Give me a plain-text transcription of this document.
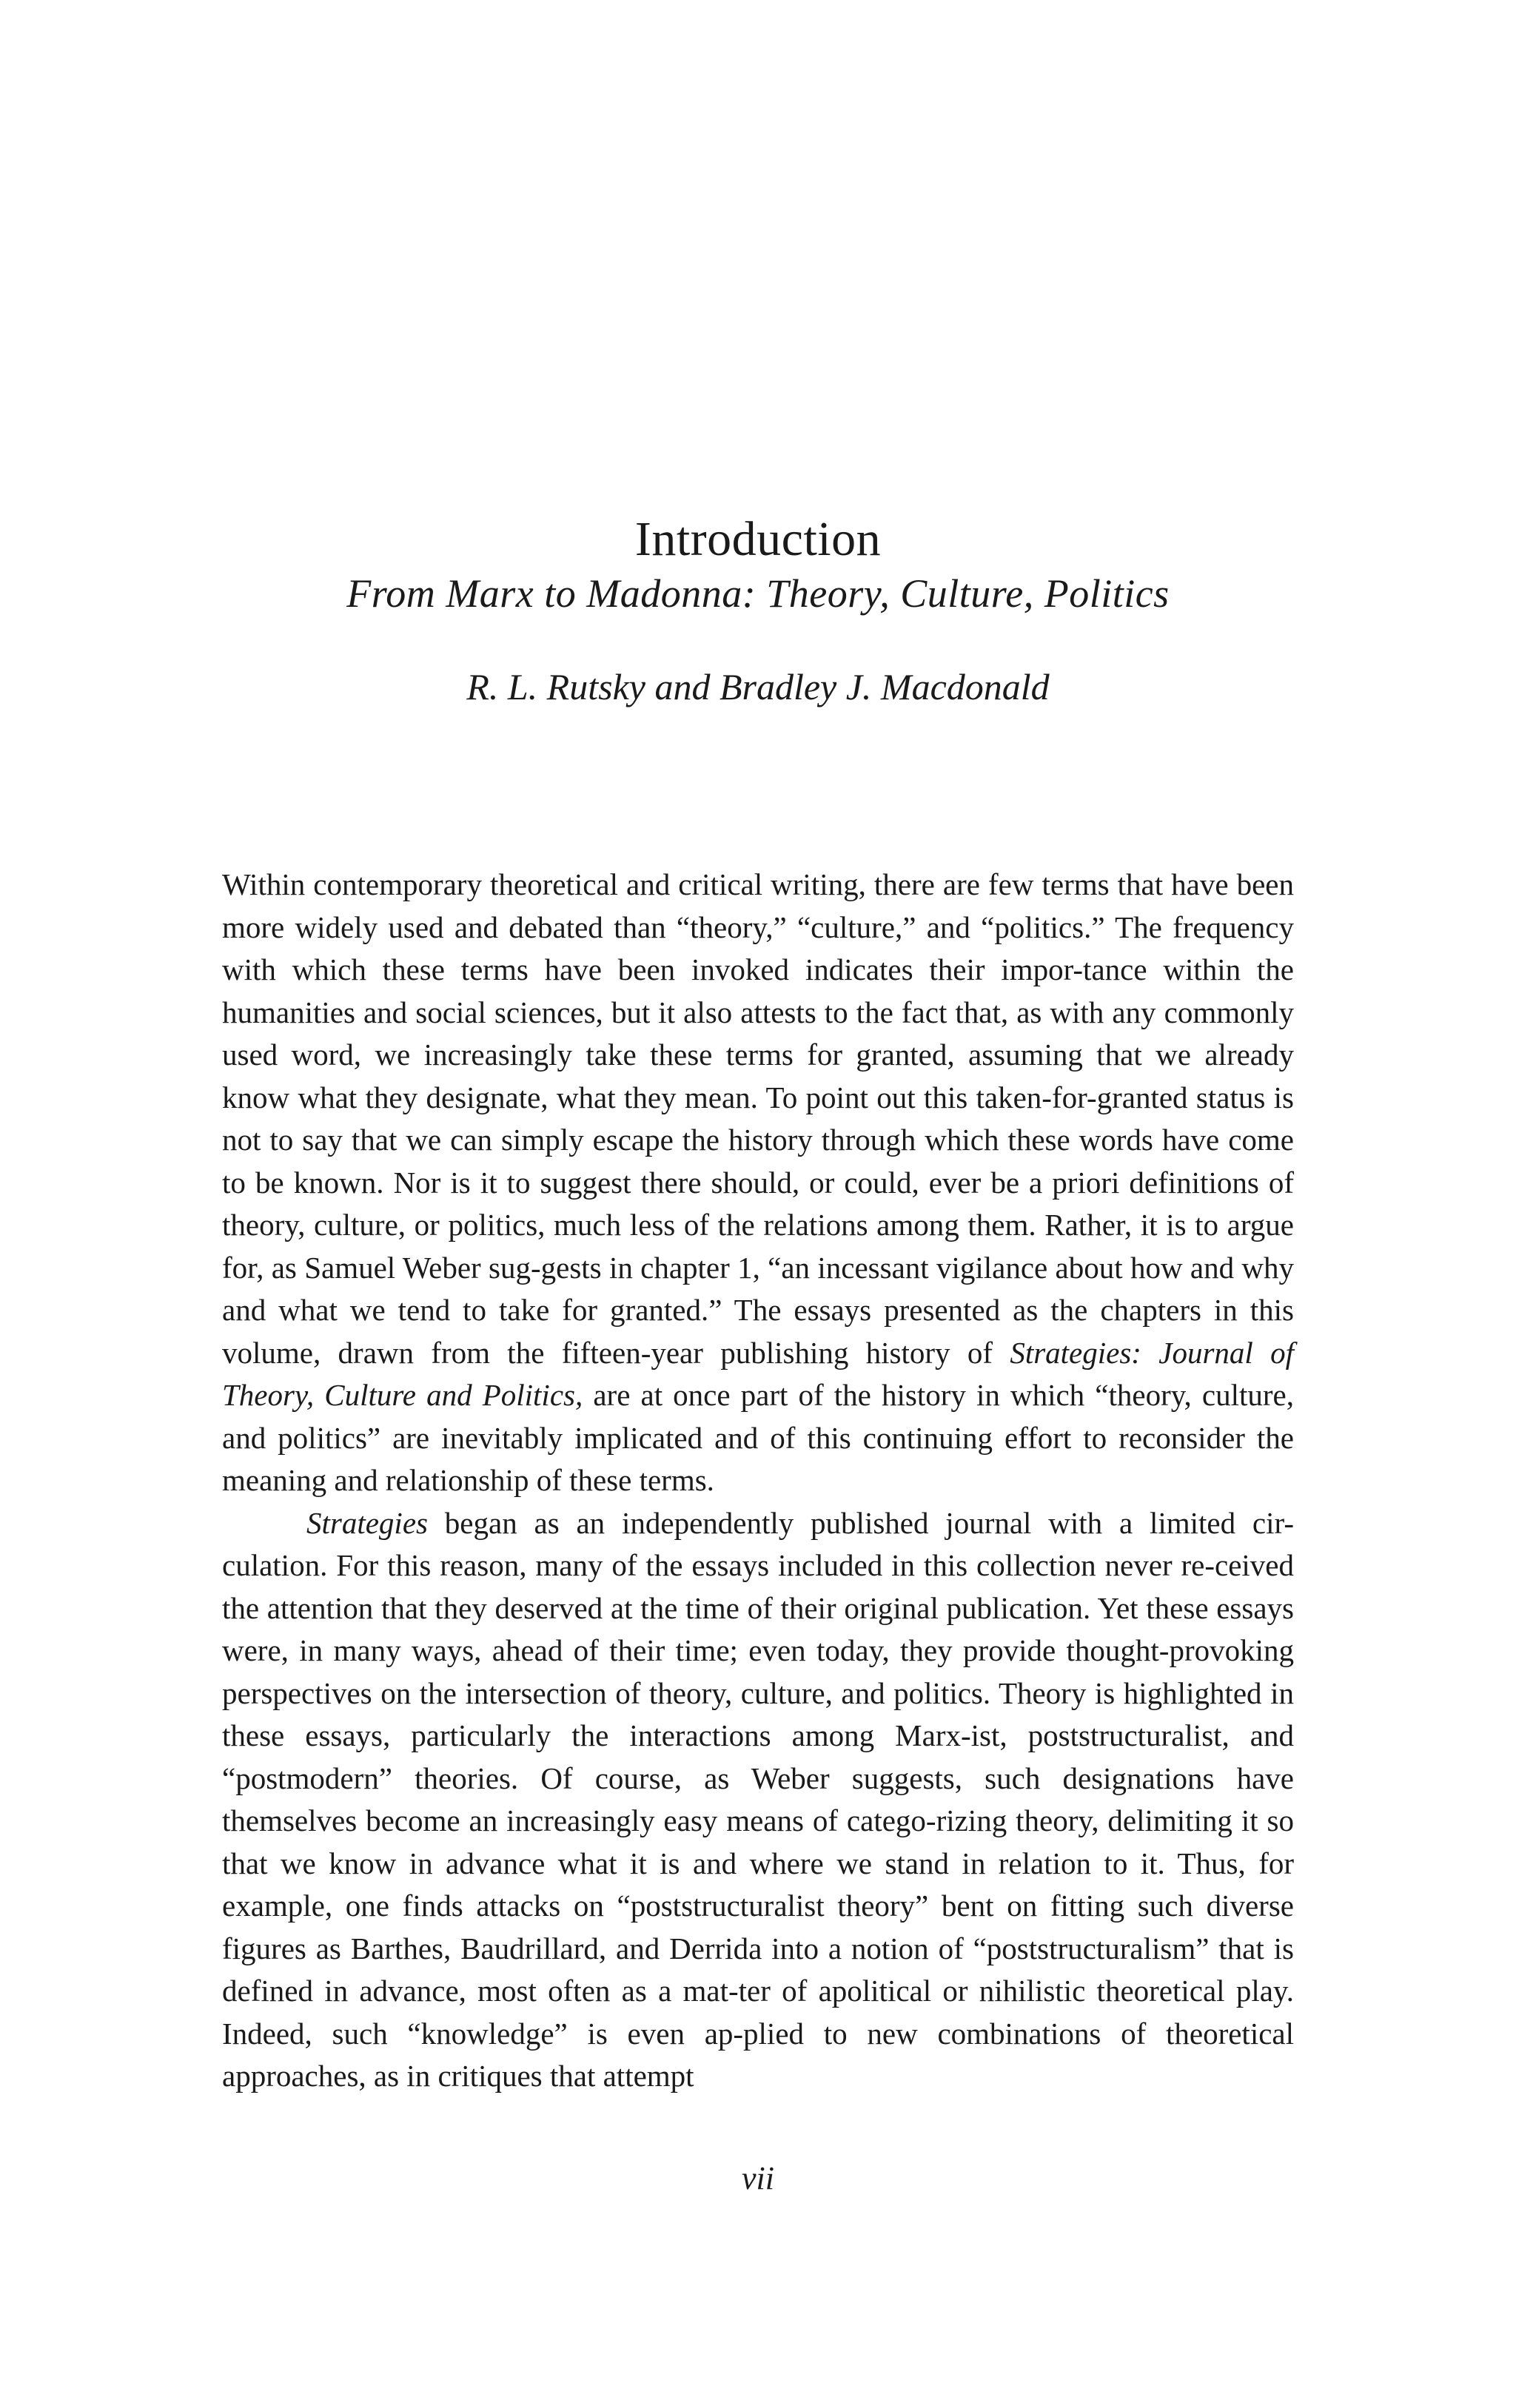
Introduction
From Marx to Madonna: Theory, Culture, Politics
R. L. Rutsky and Bradley J. Macdonald

Within contemporary theoretical and critical writing, there are few terms that have been more widely used and debated than “theory,” “culture,” and “politics.” The frequency with which these terms have been invoked indicates their impor-tance within the humanities and social sciences, but it also attests to the fact that, as with any commonly used word, we increasingly take these terms for granted, assuming that we already know what they designate, what they mean. To point out this taken-for-granted status is not to say that we can simply escape the history through which these words have come to be known. Nor is it to suggest there should, or could, ever be a priori definitions of theory, culture, or politics, much less of the relations among them. Rather, it is to argue for, as Samuel Weber sug-gests in chapter 1, “an incessant vigilance about how and why and what we tend to take for granted.” The essays presented as the chapters in this volume, drawn from the fifteen-year publishing history of Strategies: Journal of Theory, Culture and Politics, are at once part of the history in which “theory, culture, and politics” are inevitably implicated and of this continuing effort to reconsider the meaning and relationship of these terms.

Strategies began as an independently published journal with a limited cir-culation. For this reason, many of the essays included in this collection never re-ceived the attention that they deserved at the time of their original publication. Yet these essays were, in many ways, ahead of their time; even today, they provide thought-provoking perspectives on the intersection of theory, culture, and politics. Theory is highlighted in these essays, particularly the interactions among Marx-ist, poststructuralist, and “postmodern” theories. Of course, as Weber suggests, such designations have themselves become an increasingly easy means of catego-rizing theory, delimiting it so that we know in advance what it is and where we stand in relation to it. Thus, for example, one finds attacks on “poststructuralist theory” bent on fitting such diverse figures as Barthes, Baudrillard, and Derrida into a notion of “poststructuralism” that is defined in advance, most often as a mat-ter of apolitical or nihilistic theoretical play. Indeed, such “knowledge” is even ap-plied to new combinations of theoretical approaches, as in critiques that attempt

vii
